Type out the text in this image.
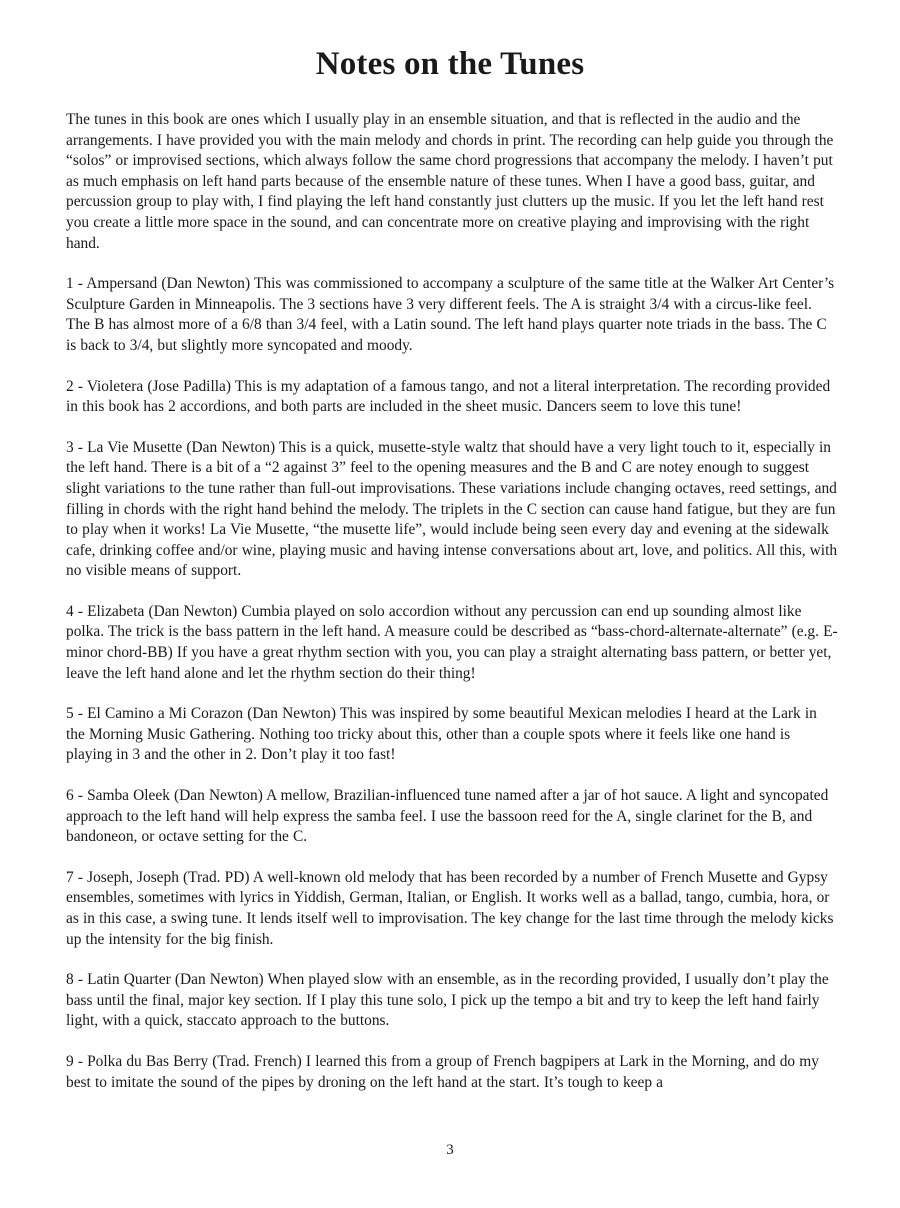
Notes on the Tunes

The tunes in this book are ones which I usually play in an ensemble situation, and that is reflected in the audio and the arrangements. I have provided you with the main melody and chords in print. The recording can help guide you through the “solos” or improvised sections, which always follow the same chord progressions that accompany the melody. I haven’t put as much emphasis on left hand parts because of the ensemble nature of these tunes. When I have a good bass, guitar, and percussion group to play with, I find playing the left hand constantly just clutters up the music. If you let the left hand rest you create a little more space in the sound, and can concentrate more on creative playing and improvising with the right hand.

1 - Ampersand (Dan Newton) This was commissioned to accompany a sculpture of the same title at the Walker Art Center’s Sculpture Garden in Minneapolis. The 3 sections have 3 very different feels. The A is straight 3/4 with a circus-like feel. The B has almost more of a 6/8 than 3/4 feel, with a Latin sound. The left hand plays quarter note triads in the bass. The C is back to 3/4, but slightly more syncopated and moody.

2 - Violetera (Jose Padilla) This is my adaptation of a famous tango, and not a literal interpretation. The recording provided in this book has 2 accordions, and both parts are included in the sheet music. Dancers seem to love this tune!

3 - La Vie Musette (Dan Newton) This is a quick, musette-style waltz that should have a very light touch to it, especially in the left hand. There is a bit of a “2 against 3” feel to the opening measures and the B and C are notey enough to suggest slight variations to the tune rather than full-out improvisations. These variations include changing octaves, reed settings, and filling in chords with the right hand behind the melody. The triplets in the C section can cause hand fatigue, but they are fun to play when it works! La Vie Musette, “the musette life”, would include being seen every day and evening at the sidewalk cafe, drinking coffee and/or wine, playing music and having intense conversations about art, love, and politics. All this, with no visible means of support.

4 - Elizabeta (Dan Newton) Cumbia played on solo accordion without any percussion can end up sounding almost like polka. The trick is the bass pattern in the left hand. A measure could be described as “bass-chord-alternate-alternate” (e.g. E-minor chord-BB) If you have a great rhythm section with you, you can play a straight alternating bass pattern, or better yet, leave the left hand alone and let the rhythm section do their thing!

5 - El Camino a Mi Corazon (Dan Newton) This was inspired by some beautiful Mexican melodies I heard at the Lark in the Morning Music Gathering. Nothing too tricky about this, other than a couple spots where it feels like one hand is playing in 3 and the other in 2. Don’t play it too fast!

6 - Samba Oleek (Dan Newton) A mellow, Brazilian-influenced tune named after a jar of hot sauce. A light and syncopated approach to the left hand will help express the samba feel. I use the bassoon reed for the A, single clarinet for the B, and bandoneon, or octave setting for the C.

7 - Joseph, Joseph (Trad. PD) A well-known old melody that has been recorded by a number of French Musette and Gypsy ensembles, sometimes with lyrics in Yiddish, German, Italian, or English. It works well as a ballad, tango, cumbia, hora, or as in this case, a swing tune. It lends itself well to improvisation. The key change for the last time through the melody kicks up the intensity for the big finish.

8 - Latin Quarter (Dan Newton) When played slow with an ensemble, as in the recording provided, I usually don’t play the bass until the final, major key section. If I play this tune solo, I pick up the tempo a bit and try to keep the left hand fairly light, with a quick, staccato approach to the buttons.

9 - Polka du Bas Berry (Trad. French) I learned this from a group of French bagpipers at Lark in the Morning, and do my best to imitate the sound of the pipes by droning on the left hand at the start. It’s tough to keep a

3
